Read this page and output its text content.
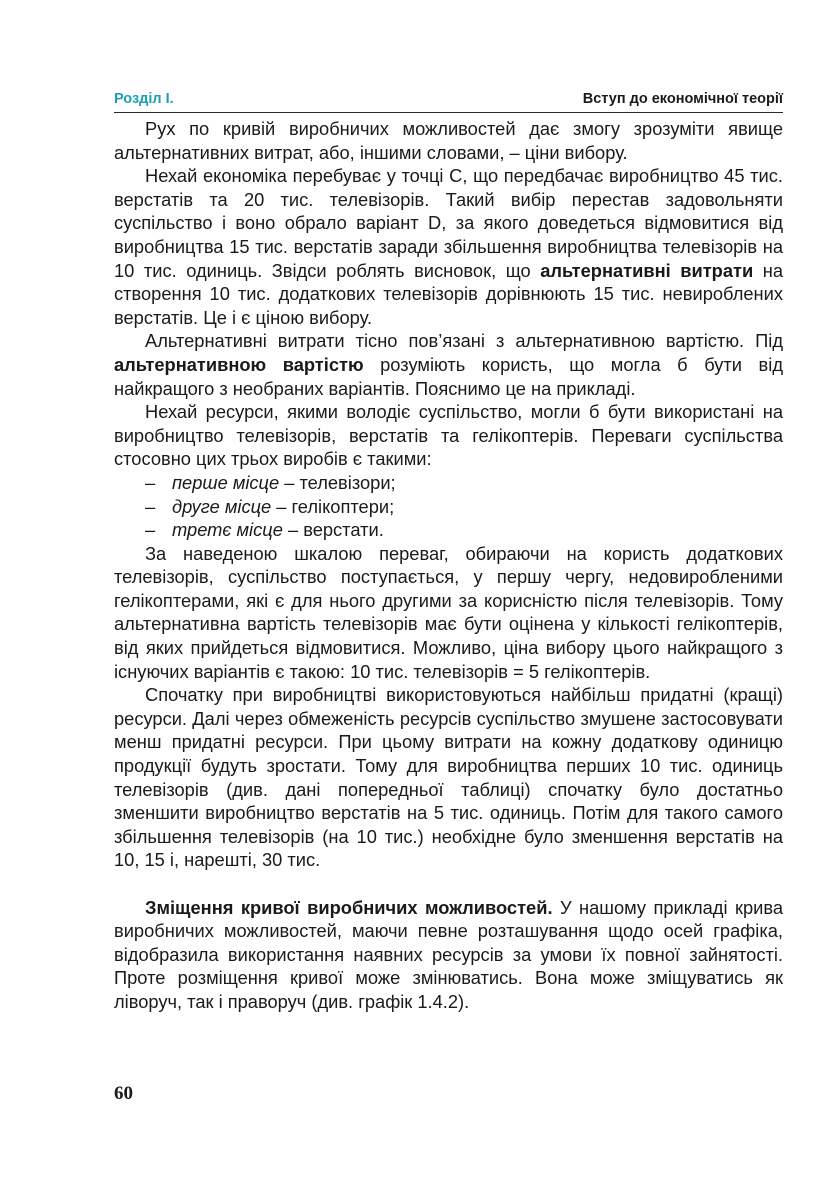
Розділ І.	Вступ до економічної теорії

Рух по кривій виробничих можливостей дає змогу зрозуміти явище альтернативних витрат, або, іншими словами, – ціни вибору.

Нехай економіка перебуває у точці С, що передбачає виробництво 45 тис. верстатів та 20 тис. телевізорів. Такий вибір перестав задовольняти суспільство і воно обрало варіант D, за якого доведеться відмовитися від виробництва 15 тис. верстатів заради збільшення виробництва телевізорів на 10 тис. одиниць. Звідси роблять висновок, що альтернативні витрати на створення 10 тис. додаткових телевізорів дорівнюють 15 тис. невироблених верстатів. Це і є ціною вибору.

Альтернативні витрати тісно пов’язані з альтернативною вартістю. Під альтернативною вартістю розуміють користь, що могла б бути від найкращого з необраних варіантів. Пояснимо це на прикладі.

Нехай ресурси, якими володіє суспільство, могли б бути використані на виробництво телевізорів, верстатів та гелікоптерів. Переваги суспільства стосовно цих трьох виробів є такими:

– перше місце – телевізори;
– друге місце – гелікоптери;
– третє місце – верстати.

За наведеною шкалою переваг, обираючи на користь додаткових телевізорів, суспільство поступається, у першу чергу, недовиробленими гелікоптерами, які є для нього другими за корисністю після телевізорів. Тому альтернативна вартість телевізорів має бути оцінена у кількості гелікоптерів, від яких прийдеться відмовитися. Можливо, ціна вибору цього найкращого з існуючих варіантів є такою: 10 тис. телевізорів = 5 гелікоптерів.

Спочатку при виробництві використовуються найбільш придатні (кращі) ресурси. Далі через обмеженість ресурсів суспільство змушене застосовувати менш придатні ресурси. При цьому витрати на кожну додаткову одиницю продукції будуть зростати. Тому для виробництва перших 10 тис. одиниць телевізорів (див. дані попередньої таблиці) спочатку було достатньо зменшити виробництво верстатів на 5 тис. одиниць. Потім для такого самого збільшення телевізорів (на 10 тис.) необхідне було зменшення верстатів на 10, 15 і, нарешті, 30 тис.

Зміщення кривої виробничих можливостей. У нашому прикладі крива виробничих можливостей, маючи певне розташування щодо осей графіка, відобразила використання наявних ресурсів за умови їх повної зайнятості. Проте розміщення кривої може змінюватись. Вона може зміщуватись як ліворуч, так і праворуч (див. графік 1.4.2).

60
